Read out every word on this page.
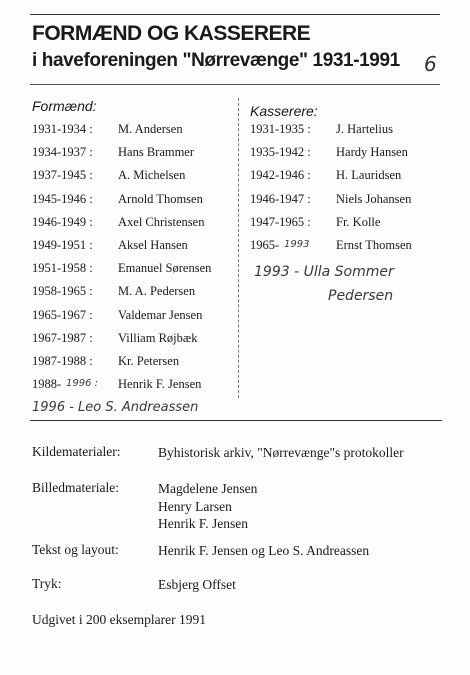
FORMÆND OG KASSERERE
i haveforeningen "Nørrevænge" 1931-1991 6
Formænd:	Kasserere:
1931-1934 : M. Andersen
1934-1937 : Hans Brammer
1937-1945 : A. Michelsen
1945-1946 : Arnold Thomsen
1946-1949 : Axel Christensen
1949-1951 : Aksel Hansen
1951-1958 : Emanuel Sørensen
1958-1965 : M. A. Pedersen
1965-1967 : Valdemar Jensen
1967-1987 : Villiam Røjbæk
1987-1988 : Kr. Petersen
1988- 1996 : Henrik F. Jensen
1996 - Leo S. Andreassen
1931-1935 : J. Hartelius
1935-1942 : Hardy Hansen
1942-1946 : H. Lauridsen
1946-1947 : Niels Johansen
1947-1965 : Fr. Kolle
1965- 1993 Ernst Thomsen
1993 - Ulla Sommer
Pedersen
Kildematerialer:	Byhistorisk arkiv, "Nørrevænge"s protokoller
Billedmateriale:	Magdelene Jensen
Henry Larsen
Henrik F. Jensen
Tekst og layout:	Henrik F. Jensen og Leo S. Andreassen
Tryk:	Esbjerg Offset
Udgivet i 200 eksemplarer 1991
